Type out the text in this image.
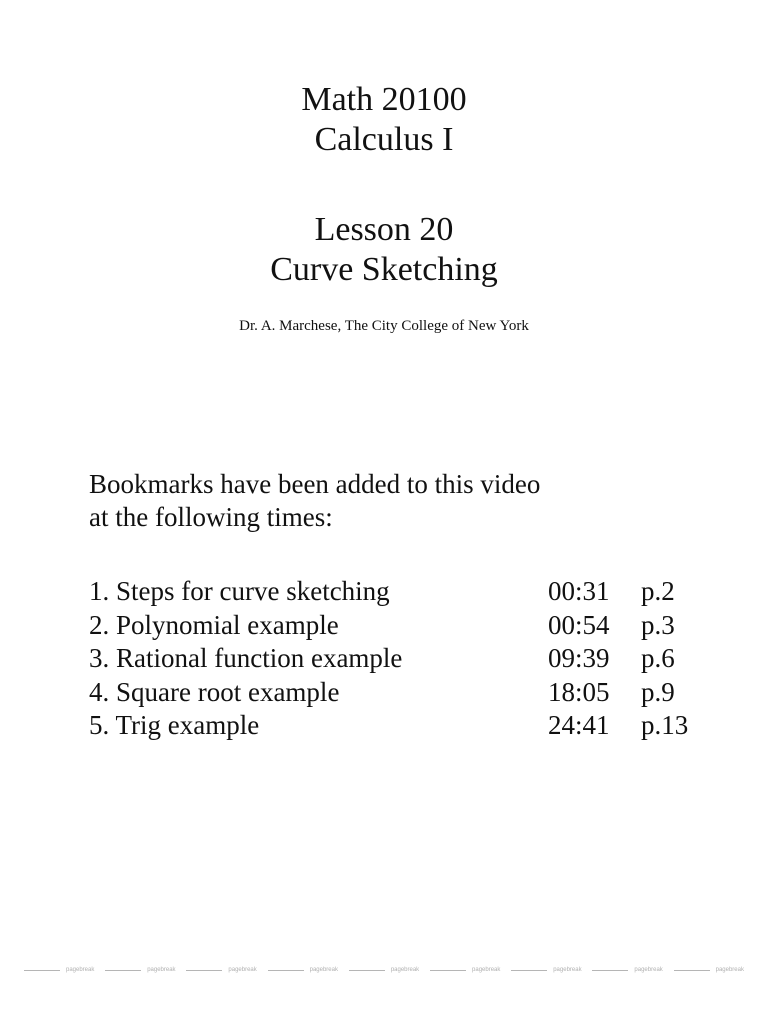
Math 20100
Calculus I
Lesson 20
Curve Sketching
Dr. A. Marchese, The City College of New York
Bookmarks have been added to this video
at the following times:
1. Steps for curve sketching	00:31 p.2
2. Polynomial example	00:54 p.3
3. Rational function example	09:39 p.6
4. Square root example	18:05 p.9
5. Trig example	24:41 p.13
pagebreak	pagebreak	pagebreak	pagebreak	pagebreak	pagebreak	pagebreak	pagebreak	pagebreak
